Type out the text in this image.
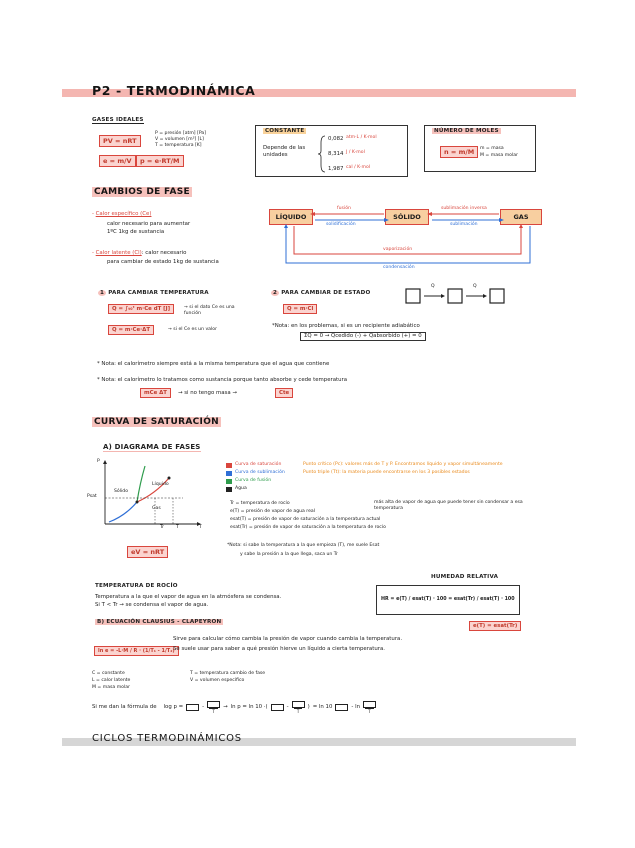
P2 - TERMODINÁMICA
GASES IDEALES
PV = nRT
P = presión [atm] [Pa]
V = volumen [m³] [L]
T = temperatura [K]
e = m/V	p = e·RT/M
CONSTANTE
Depende de las unidades
0,082 atm·L / K·mol
8,314 J / K·mol
1,987 cal / K·mol
NÚMERO DE MOLES
n = m/M	m = masa
M = masa molar
CAMBIOS DE FASE
- Calor específico (Ce)
calor necesario para aumentar
1ºC 1kg de sustancia
- Calor latente (Cl): calor necesario
para cambiar de estado 1kg de sustancia
LÍQUIDO	SÓLIDO	GAS
fusión
solidificación
sublimación inversa
sublimación
vaporización
condensación
1 PARA CAMBIAR TEMPERATURA
Q = ∫ₜ₀ᵗ m·Ce dT [J]	→ si el dato Ce es una función
Q = m·Ce·ΔT	→ si el Ce es un valor
2 PARA CAMBIAR DE ESTADO
Q = m·Cl
*Nota: en los problemas, si es un recipiente adiabático
ΣQ = 0 → Qcedido (-) + Qabsorbido (+) = 0
Q	Q
* Nota: el calorímetro siempre está a la misma temperatura que el agua que contiene
* Nota: el calorímetro lo tratamos como sustancia porque tanto absorbe y cede temperatura
mCe ΔT	→ si no tengo masa →	Cte
CURVA DE SATURACIÓN
A) DIAGRAMA DE FASES
P
T
Líquido
Sólido
Gas
Psat
T
Tr
Curva de saturación	Punto crítico (Pc): valores más de T y P. Encontramos líquido y vapor simultáneamente
Curva de sublimación	Punto triple (Tt): la materia puede encontrarse en los 3 posibles estados
Curva de fusión
Agua
Tr = temperatura de rocío
e(T) = presión de vapor de agua real
esat(T) = presión de vapor de saturación a la temperatura actual
esat(Tr) = presión de vapor de saturación a la temperatura de rocío
más alta de vapor de agua que puede tener sin condensar a esa temperatura
eV = nRT
*Nota: si sabe la temperatura a la que empieza (T), me suele Esat
y sabe la presión a la que llega, saca un Tr
TEMPERATURA DE ROCÍO
Temperatura a la que el vapor de agua en la atmósfera se condensa.
Si T < Tr → se condensa el vapor de agua.
HUMEDAD RELATIVA
HR = e(T) / esat(T) · 100 = esat(Tr) / esat(T) · 100
e(T) = esat(Tr)
B) ECUACIÓN CLAUSIUS - CLAPEYRON
ln e = -L·M / R · (1/T₁ - 1/T₂)
Sirve para calcular cómo cambia la presión de vapor cuando cambia la temperatura.
Se suele usar para saber a qué presión hierve un líquido a cierta temperatura.
C = constante
L = calor latente
M = masa molar
T = temperatura cambio de fase
V = volumen específico
Si me dan la fórmula de log p =	-
T
→ ln p = ln 10 ·(	-
T
) = ln 10	- ln
T
CICLOS TERMODINÁMICOS
